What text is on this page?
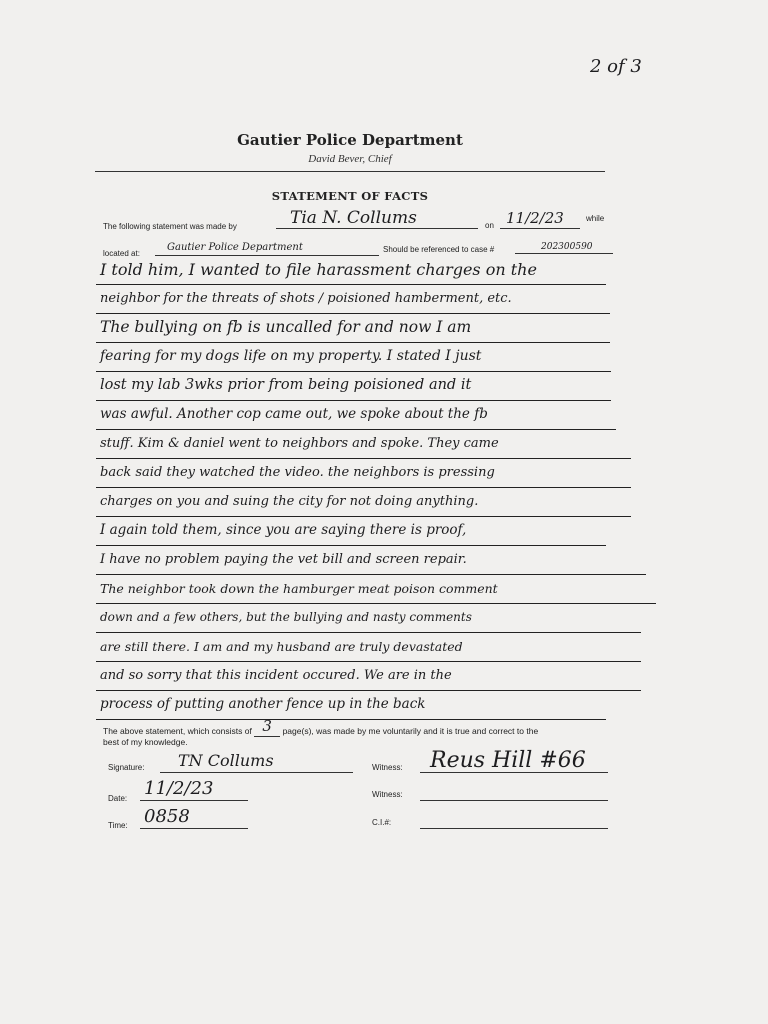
2 of 3
Gautier Police Department
David Bever, Chief
STATEMENT OF FACTS
The following statement was made by	Tia N. Collums	on 11/2/23	while
located at:
Gautier Police Department	Should be referenced to case #	202300590
I told him, I wanted to file harassment charges on the
neighbor for the threats of shots / poisioned hamberment, etc.
The bullying on fb is uncalled for and now I am
fearing for my dogs life on my property. I stated I just
lost my lab 3wks prior from being poisioned and it
was awful. Another cop came out, we spoke about the fb
stuff. Kim & daniel went to neighbors and spoke. They came
back said they watched the video. the neighbors is pressing
charges on you and suing the city for not doing anything.
I again told them, since you are saying there is proof,
I have no problem paying the vet bill and screen repair.
The neighbor took down the hamburger meat poison comment
down and a few others, but the bullying and nasty comments
are still there. I am and my husband are truly devastated
and so sorry that this incident occured. We are in the
process of putting another fence up in the back
The above statement, which consists of 3 page(s), was made by me voluntarily and it is true and correct to the
best of my knowledge.
Signature: TN Collums
Date: 11/2/23
Time: 0858
Witness: Reus Hill #66
Witness:
C.I.#:
